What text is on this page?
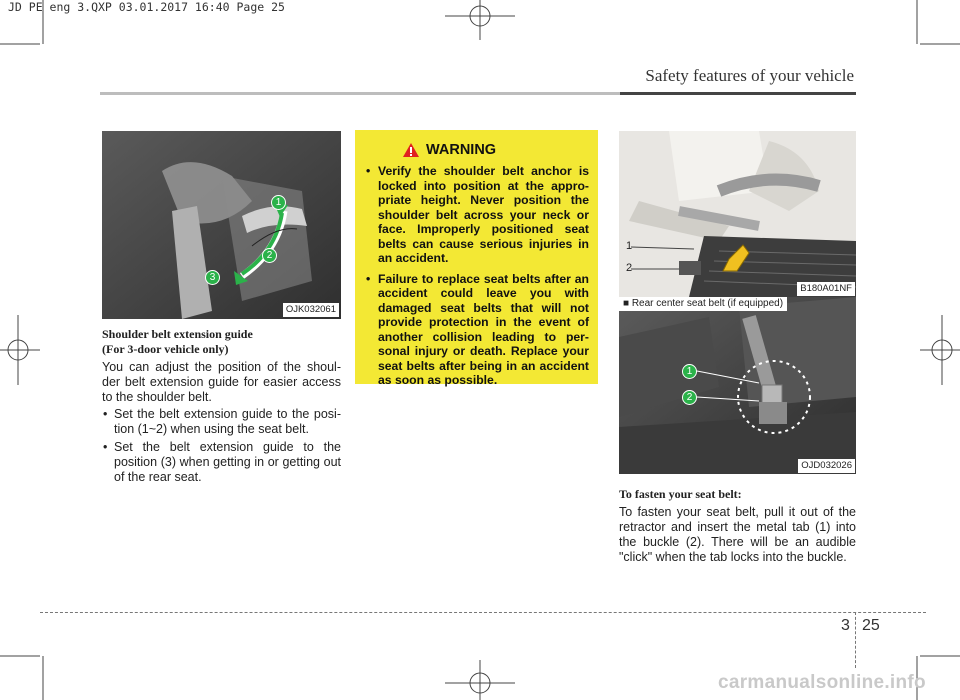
JD PE eng 3.QXP 03.01.2017 16:40 Page 25
Safety features of your vehicle
1
2
3
OJK032061
Shoulder belt extension guide
(For 3-door vehicle only)
You can adjust the position of the shoul- der belt extension guide for easier access to the shoulder belt.
• Set the belt extension guide to the posi- tion (1~2) when using the seat belt.
• Set the belt extension guide to the position (3) when getting in or getting out of the rear seat.
WARNING
• Verify the shoulder belt anchor is locked into position at the appro- priate height. Never position the shoulder belt across your neck or face. Improperly positioned seat belts can cause serious injuries in an accident.
• Failure to replace seat belts after an accident could leave you with damaged seat belts that will not provide protection in the event of another collision leading to per- sonal injury or death. Replace your seat belts after being in an accident as soon as possible.
1
2
B180A01NF
■ Rear center seat belt (if equipped)
1
2
OJD032026
To fasten your seat belt:
To fasten your seat belt, pull it out of the retractor and insert the metal tab (1) into the buckle (2). There will be an audible "click" when the tab locks into the buckle.
3 25
carmanualsonline.info
